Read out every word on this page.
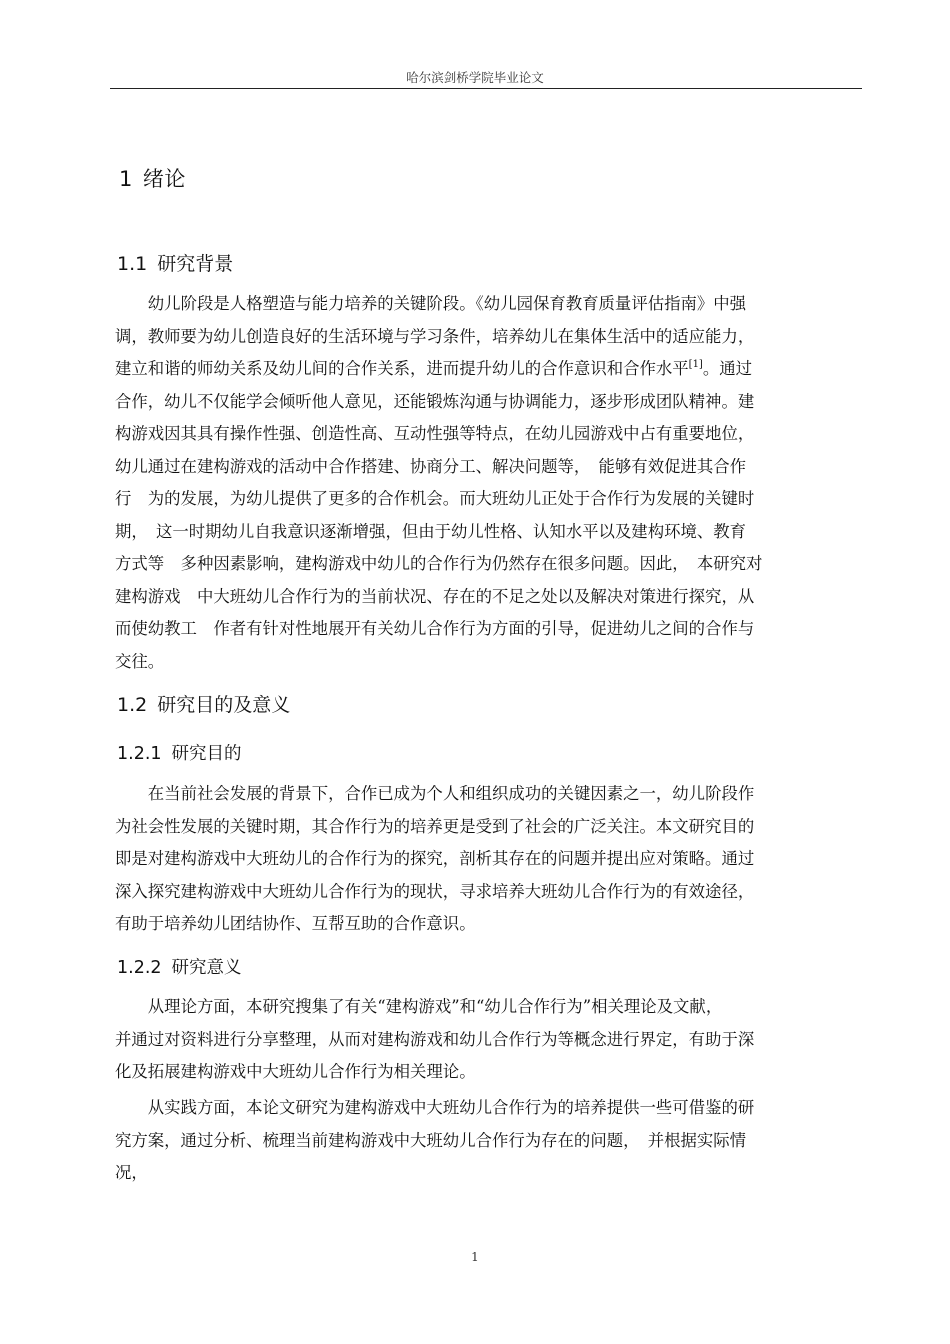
哈尔滨剑桥学院毕业论文
1 绪论
1.1 研究背景

幼儿阶段是人格塑造与能力培养的关键阶段。《幼儿园保育教育质量评估指南》中强
调，教师要为幼儿创造良好的生活环境与学习条件，培养幼儿在集体生活中的适应能力，
建立和谐的师幼关系及幼儿间的合作关系，进而提升幼儿的合作意识和合作水平[1]。通过
合作，幼儿不仅能学会倾听他人意见，还能锻炼沟通与协调能力，逐步形成团队精神。建
构游戏因其具有操作性强、创造性高、互动性强等特点，在幼儿园游戏中占有重要地位，
幼儿通过在建构游戏的活动中合作搭建、协商分工、解决问题等，　能够有效促进其合作
行　为的发展，为幼儿提供了更多的合作机会。而大班幼儿正处于合作行为发展的关键时
期，　这一时期幼儿自我意识逐渐增强，但由于幼儿性格、认知水平以及建构环境、教育
方式等　多种因素影响，建构游戏中幼儿的合作行为仍然存在很多问题。因此，　本研究对
建构游戏　中大班幼儿合作行为的当前状况、存在的不足之处以及解决对策进行探究，从
而使幼教工　作者有针对性地展开有关幼儿合作行为方面的引导，促进幼儿之间的合作与
交往。

1.2 研究目的及意义
1.2.1 研究目的

在当前社会发展的背景下，合作已成为个人和组织成功的关键因素之一，幼儿阶段作
为社会性发展的关键时期，其合作行为的培养更是受到了社会的广泛关注。本文研究目的
即是对建构游戏中大班幼儿的合作行为的探究，剖析其存在的问题并提出应对策略。通过
深入探究建构游戏中大班幼儿合作行为的现状，寻求培养大班幼儿合作行为的有效途径，
有助于培养幼儿团结协作、互帮互助的合作意识。

1.2.2 研究意义

从理论方面，本研究搜集了有关“建构游戏”和“幼儿合作行为”相关理论及文献，
并通过对资料进行分享整理，从而对建构游戏和幼儿合作行为等概念进行界定，有助于深
化及拓展建构游戏中大班幼儿合作行为相关理论。

从实践方面，本论文研究为建构游戏中大班幼儿合作行为的培养提供一些可借鉴的研
究方案，通过分析、梳理当前建构游戏中大班幼儿合作行为存在的问题，　并根据实际情
况，

1
